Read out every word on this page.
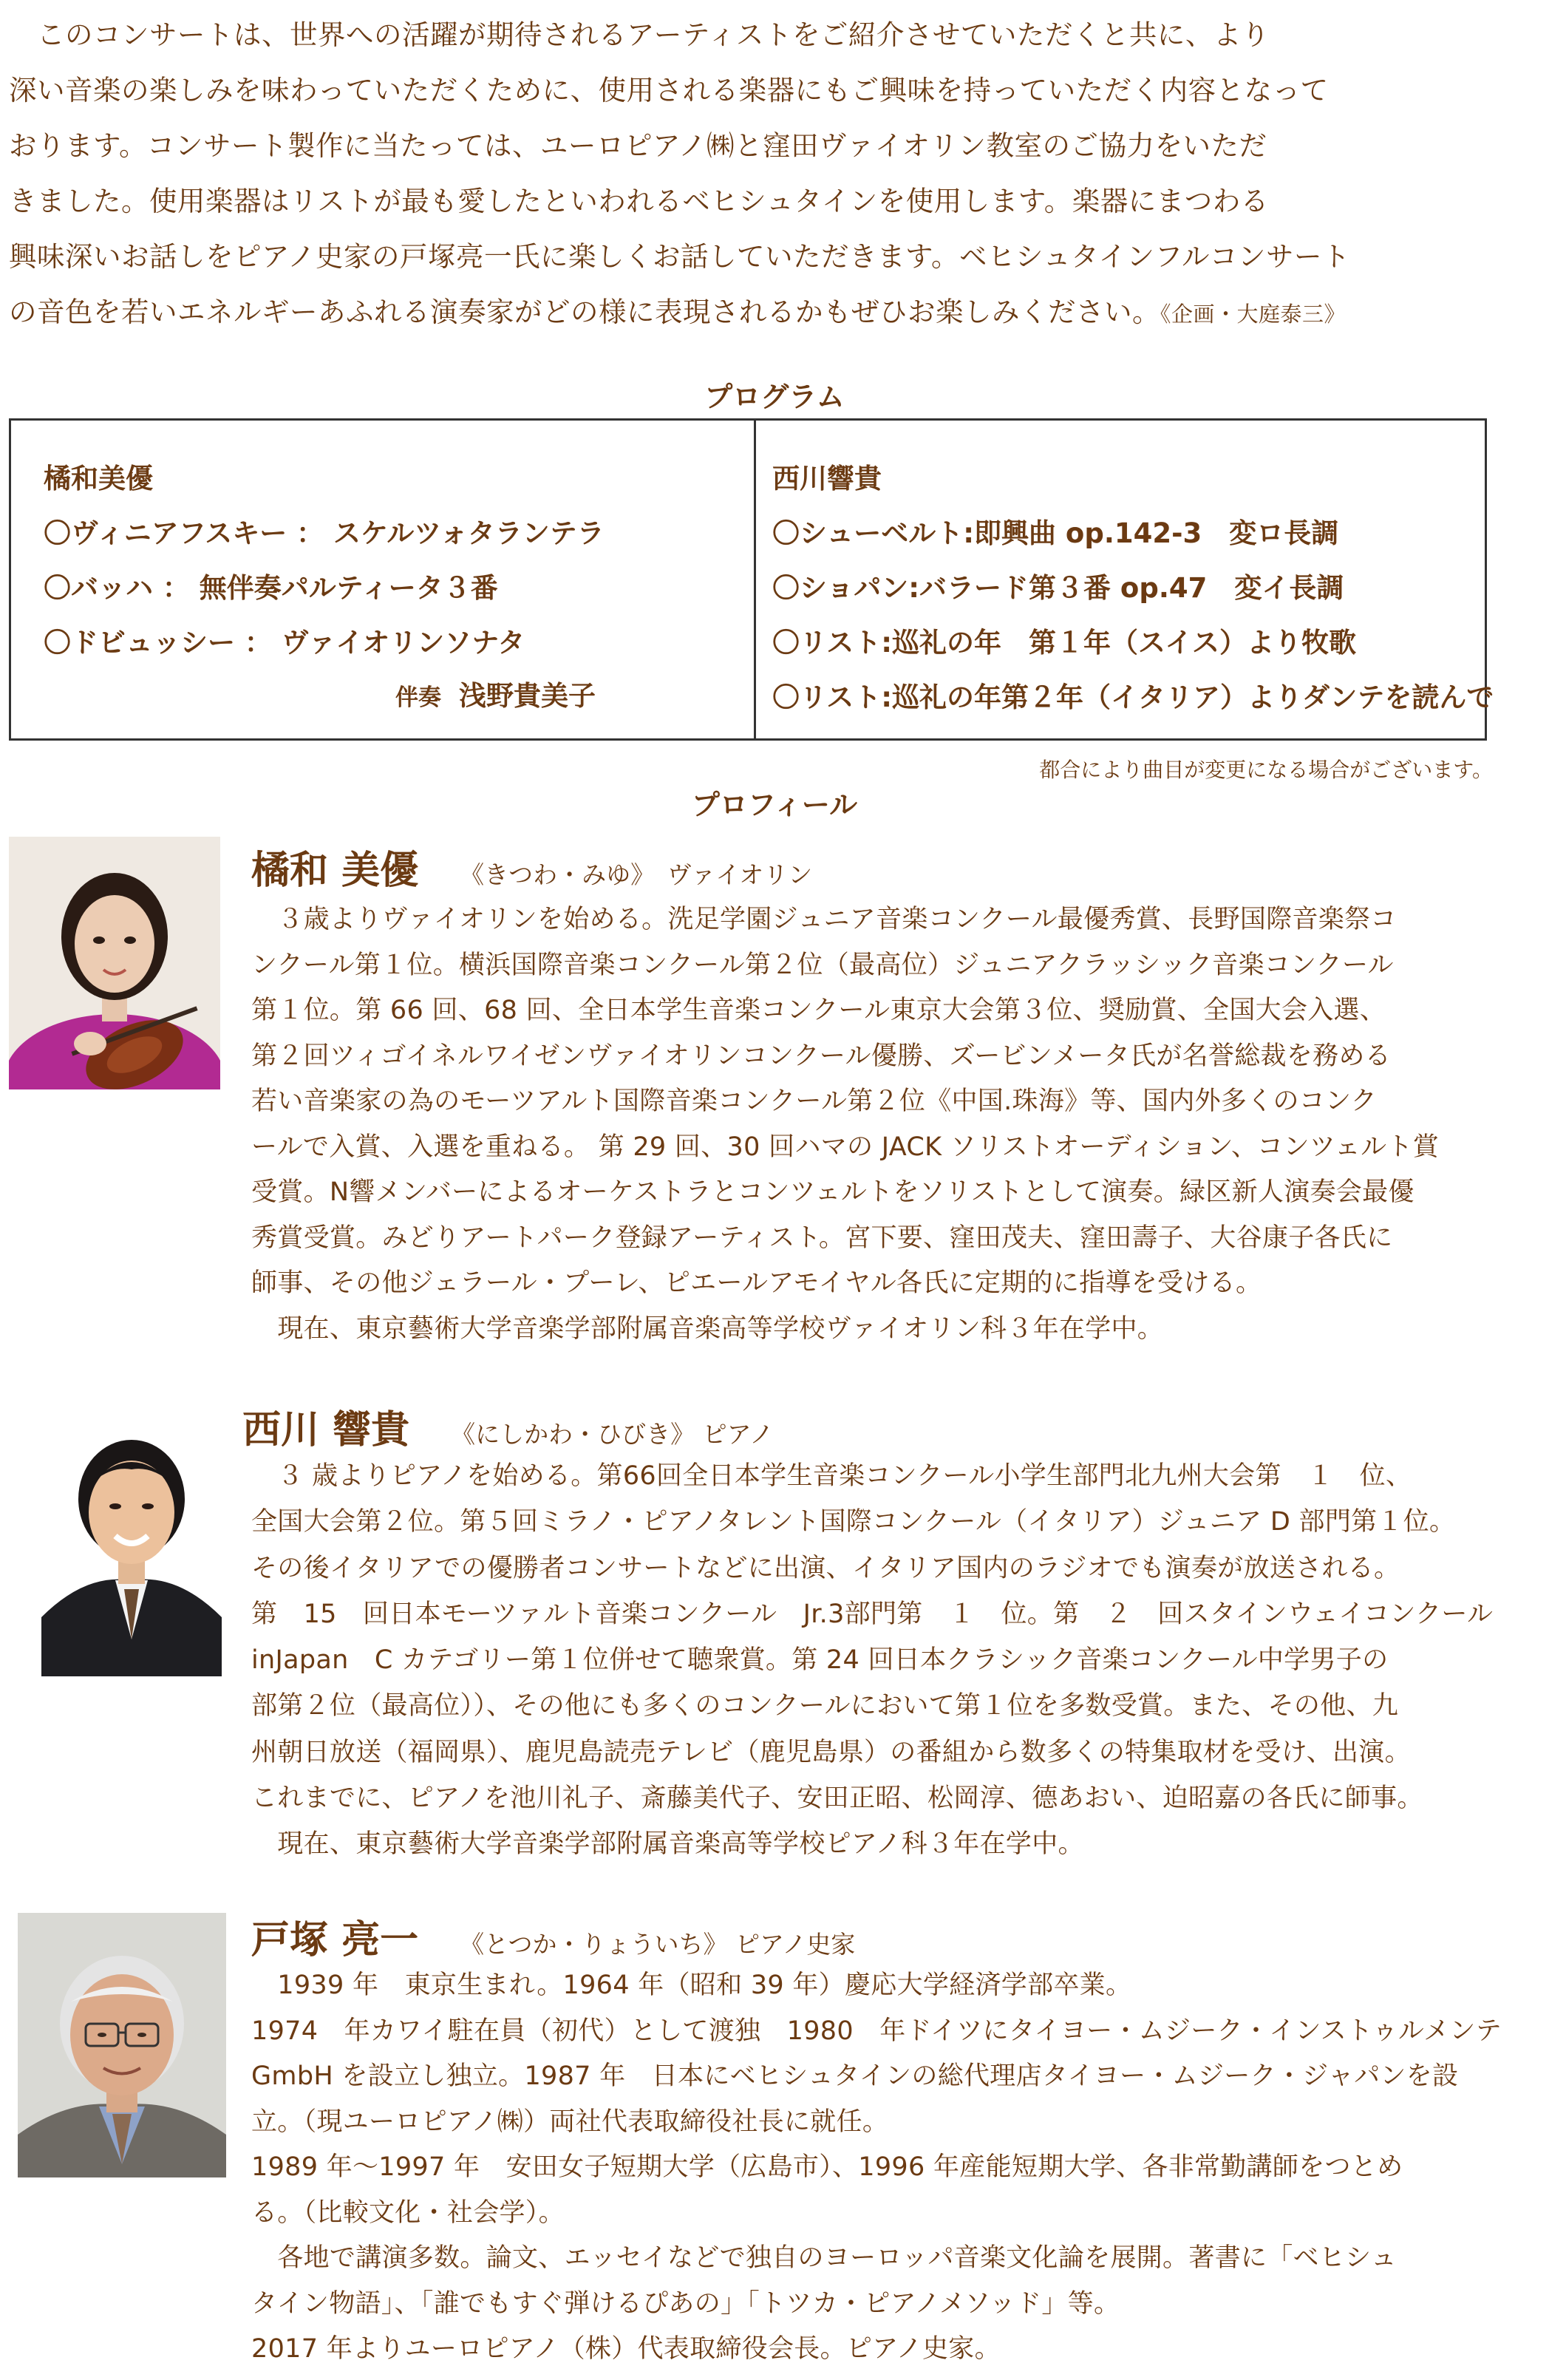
　このコンサートは、世界への活躍が期待されるアーティストをご紹介させていただくと共に、より
深い音楽の楽しみを味わっていただくために、使用される楽器にもご興味を持っていただく内容となって
おります。コンサート製作に当たっては、ユーロピアノ㈱と窪田ヴァイオリン教室のご協力をいただ
きました。使用楽器はリストが最も愛したといわれるベヒシュタインを使用します。楽器にまつわる
興味深いお話しをピアノ史家の戸塚亮一氏に楽しくお話していただきます。ベヒシュタインフルコンサート
の音色を若いエネルギーあふれる演奏家がどの様に表現されるかもぜひお楽しみください。《企画・大庭泰三》
プログラム
橘和美優
〇ヴィニアフスキー ： スケルツォタランテラ
〇バッハ ： 無伴奏パルティータ３番
〇ドビュッシー ： ヴァイオリンソナタ
伴奏 浅野貴美子
西川響貴
〇シューベルト:即興曲 op.142-3　変ロ長調
〇ショパン:バラード第３番 op.47　変イ長調
〇リスト:巡礼の年　第１年（スイス）より牧歌
〇リスト:巡礼の年第２年（イタリア）よりダンテを読んで
都合により曲目が変更になる場合がございます。
プロフィール
橘和 美優 《きつわ・みゆ》　ヴァイオリン
　３歳よりヴァイオリンを始める。洗足学園ジュニア音楽コンクール最優秀賞、長野国際音楽祭コ
ンクール第１位。横浜国際音楽コンクール第２位（最高位）ジュニアクラッシック音楽コンクール
第１位。第 66 回、68 回、全日本学生音楽コンクール東京大会第３位、奨励賞、全国大会入選、
第２回ツィゴイネルワイゼンヴァイオリンコンクール優勝、ズービンメータ氏が名誉総裁を務める
若い音楽家の為のモーツアルト国際音楽コンクール第２位《中国.珠海》等、国内外多くのコンク
ールで入賞、入選を重ねる。 第 29 回、30 回ハマの JACK ソリストオーディション、コンツェルト賞
受賞。N響メンバーによるオーケストラとコンツェルトをソリストとして演奏。緑区新人演奏会最優
秀賞受賞。みどりアートパーク登録アーティスト。宮下要、窪田茂夫、窪田壽子、大谷康子各氏に
師事、その他ジェラール・プーレ、ピエールアモイヤル各氏に定期的に指導を受ける。
　現在、東京藝術大学音楽学部附属音楽高等学校ヴァイオリン科３年在学中。
西川 響貴 《にしかわ・ひびき》 ピアノ
　３ 歳よりピアノを始める。第66回全日本学生音楽コンクール小学生部門北九州大会第　１　位、
全国大会第２位。第５回ミラノ・ピアノタレント国際コンクール（イタリア）ジュニア D 部門第１位。
その後イタリアでの優勝者コンサートなどに出演、イタリア国内のラジオでも演奏が放送される。
第　15　回日本モーツァルト音楽コンクール　Jr.3部門第　１　位。第　２　回スタインウェイコンクール
inJapan　C カテゴリー第１位併せて聴衆賞。第 24 回日本クラシック音楽コンクール中学男子の
部第２位（最高位））、その他にも多くのコンクールにおいて第１位を多数受賞。また、その他、九
州朝日放送（福岡県）、鹿児島読売テレビ（鹿児島県）の番組から数多くの特集取材を受け、出演。
これまでに、ピアノを池川礼子、斎藤美代子、安田正昭、松岡淳、德あおい、迫昭嘉の各氏に師事。
　現在、東京藝術大学音楽学部附属音楽高等学校ピアノ科３年在学中。
戸塚 亮一 《とつか・りょういち》 ピアノ史家
　1939 年　東京生まれ。1964 年（昭和 39 年）慶応大学経済学部卒業。
1974　年カワイ駐在員（初代）として渡独　1980　年ドイツにタイヨー・ムジーク・インストゥルメンテ
GmbH を設立し独立。1987 年　日本にベヒシュタインの総代理店タイヨー・ムジーク・ジャパンを設
立。（現ユーロピアノ㈱）両社代表取締役社長に就任。
1989 年～1997 年　安田女子短期大学（広島市）、1996 年産能短期大学、各非常勤講師をつとめ
る。（比較文化・社会学）。
　各地で講演多数。論文、エッセイなどで独自のヨーロッパ音楽文化論を展開。著書に「ベヒシュ
タイン物語」、「誰でもすぐ弾けるぴあの」「トツカ・ピアノメソッド」等。
2017 年よりユーロピアノ（株）代表取締役会長。ピアノ史家。
